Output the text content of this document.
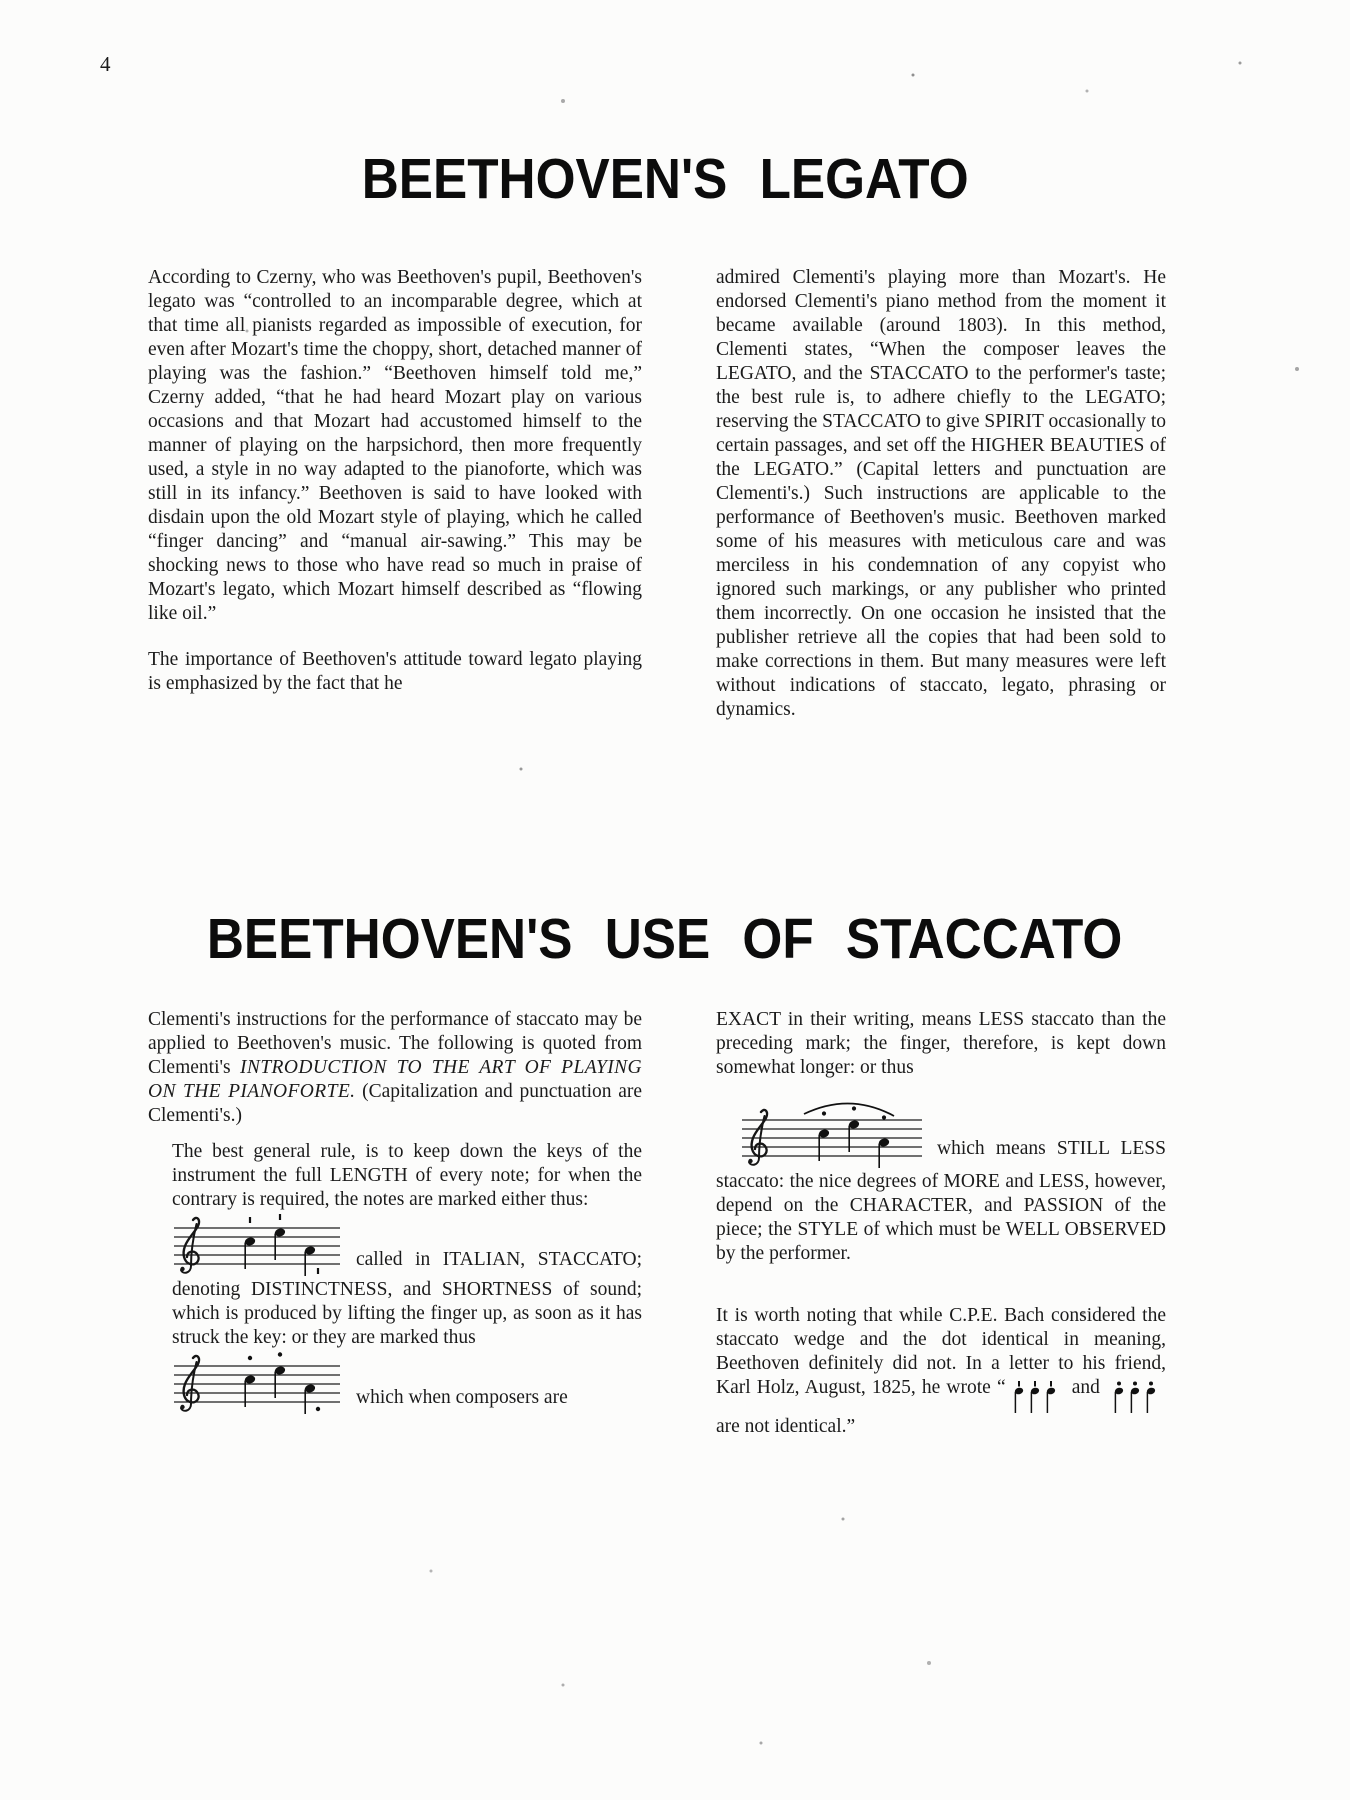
4
BEETHOVEN'S LEGATO

According to Czerny, who was Beethoven's pupil, Beethoven's legato was “controlled to an incomparable degree, which at that time all pianists regarded as impossible of execution, for even after Mozart's time the choppy, short, detached manner of playing was the fashion.” “Beethoven himself told me,” Czerny added, “that he had heard Mozart play on various occasions and that Mozart had accustomed himself to the manner of playing on the harpsichord, then more frequently used, a style in no way adapted to the pianoforte, which was still in its infancy.” Beethoven is said to have looked with disdain upon the old Mozart style of playing, which he called “finger dancing” and “manual air-sawing.” This may be shocking news to those who have read so much in praise of Mozart's legato, which Mozart himself described as “flowing like oil.”

The importance of Beethoven's attitude toward legato playing is emphasized by the fact that he

admired Clementi's playing more than Mozart's. He endorsed Clementi's piano method from the moment it became available (around 1803). In this method, Clementi states, “When the composer leaves the LEGATO, and the STACCATO to the performer's taste; the best rule is, to adhere chiefly to the LEGATO; reserving the STACCATO to give SPIRIT occasionally to certain passages, and set off the HIGHER BEAUTIES of the LEGATO.” (Capital letters and punctuation are Clementi's.) Such instructions are applicable to the performance of Beethoven's music. Beethoven marked some of his measures with meticulous care and was merciless in his condemnation of any copyist who ignored such markings, or any publisher who printed them incorrectly. On one occasion he insisted that the publisher retrieve all the copies that had been sold to make corrections in them. But many measures were left without indications of staccato, legato, phrasing or dynamics.

BEETHOVEN'S USE OF STACCATO

Clementi's instructions for the performance of staccato may be applied to Beethoven's music. The following is quoted from Clementi's INTRODUCTION TO THE ART OF PLAYING ON THE PIANOFORTE. (Capitalization and punctuation are Clementi's.)

The best general rule, is to keep down the keys of the instrument the full LENGTH of every note; for when the contrary is required, the notes are marked either thus:

called in ITALIAN, STACCATO; denoting DISTINCTNESS, and SHORTNESS of sound; which is produced by lifting the finger up, as soon as it has struck the key: or they are marked thus

which when composers are

EXACT in their writing, means LESS staccato than the preceding mark; the finger, therefore, is kept down somewhat longer: or thus

which means STILL LESS staccato: the nice degrees of MORE and LESS, however, depend on the CHARACTER, and PASSION of the piece; the STYLE of which must be WELL OBSERVED by the performer.

It is worth noting that while C.P.E. Bach considered the staccato wedge and the dot identical in meaning, Beethoven definitely did not. In a letter to his friend, Karl Holz, August, 1825, he wrote “	and  are not identical.”
